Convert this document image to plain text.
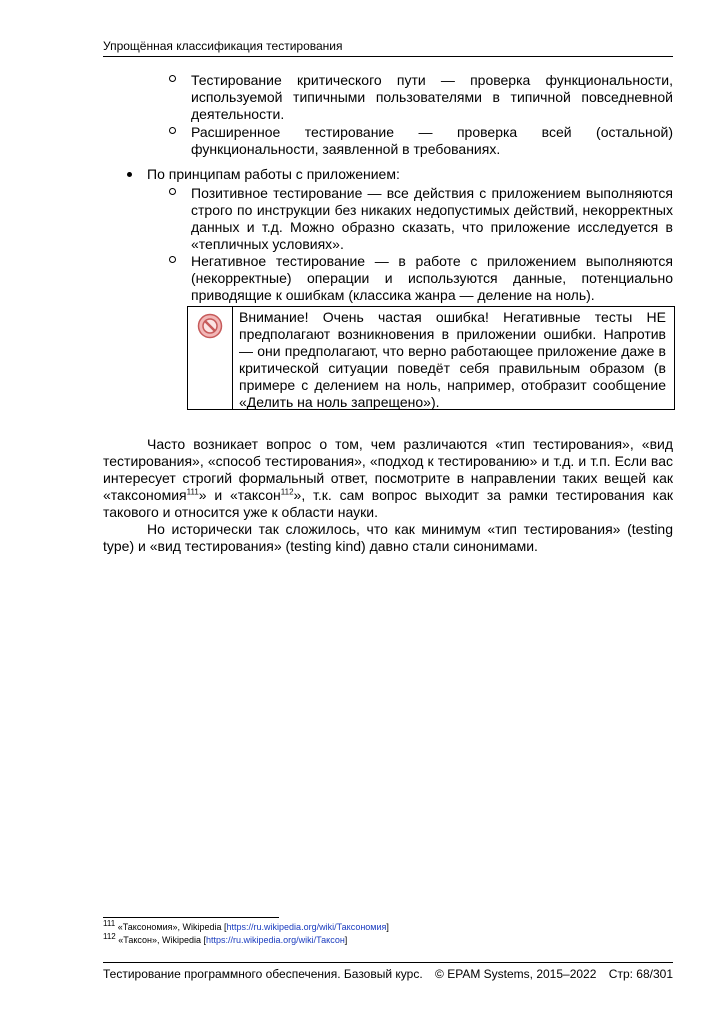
Упрощённая классификация тестирования
Тестирование критического пути — проверка функциональности, используемой типичными пользователями в типичной повседневной деятельности.
Расширенное тестирование — проверка всей (остальной) функциональности, заявленной в требованиях.
По принципам работы с приложением:
Позитивное тестирование — все действия с приложением выполняются строго по инструкции без никаких недопустимых действий, некорректных данных и т.д. Можно образно сказать, что приложение исследуется в «тепличных условиях».
Негативное тестирование — в работе с приложением выполняются (некорректные) операции и используются данные, потенциально приводящие к ошибкам (классика жанра — деление на ноль).
Внимание! Очень частая ошибка! Негативные тесты НЕ предполагают возникновения в приложении ошибки. Напротив — они предполагают, что верно работающее приложение даже в критической ситуации поведёт себя правильным образом (в примере с делением на ноль, например, отобразит сообщение «Делить на ноль запрещено»).
Часто возникает вопрос о том, чем различаются «тип тестирования», «вид тестирования», «способ тестирования», «подход к тестированию» и т.д. и т.п. Если вас интересует строгий формальный ответ, посмотрите в направлении таких вещей как «таксономия$^{111}$» и «таксон$^{112}$», т.к. сам вопрос выходит за рамки тестирования как такового и относится уже к области науки.
Но исторически так сложилось, что как минимум «тип тестирования» (testing type) и «вид тестирования» (testing kind) давно стали синонимами.
$^{111}$ «Таксономия», Wikipedia [https://ru.wikipedia.org/wiki/Таксономия]
$^{112}$ «Таксон», Wikipedia [https://ru.wikipedia.org/wiki/Таксон]
Тестирование программного обеспечения. Базовый курс. © EPAM Systems, 2015–2022 Стр: 68/301
